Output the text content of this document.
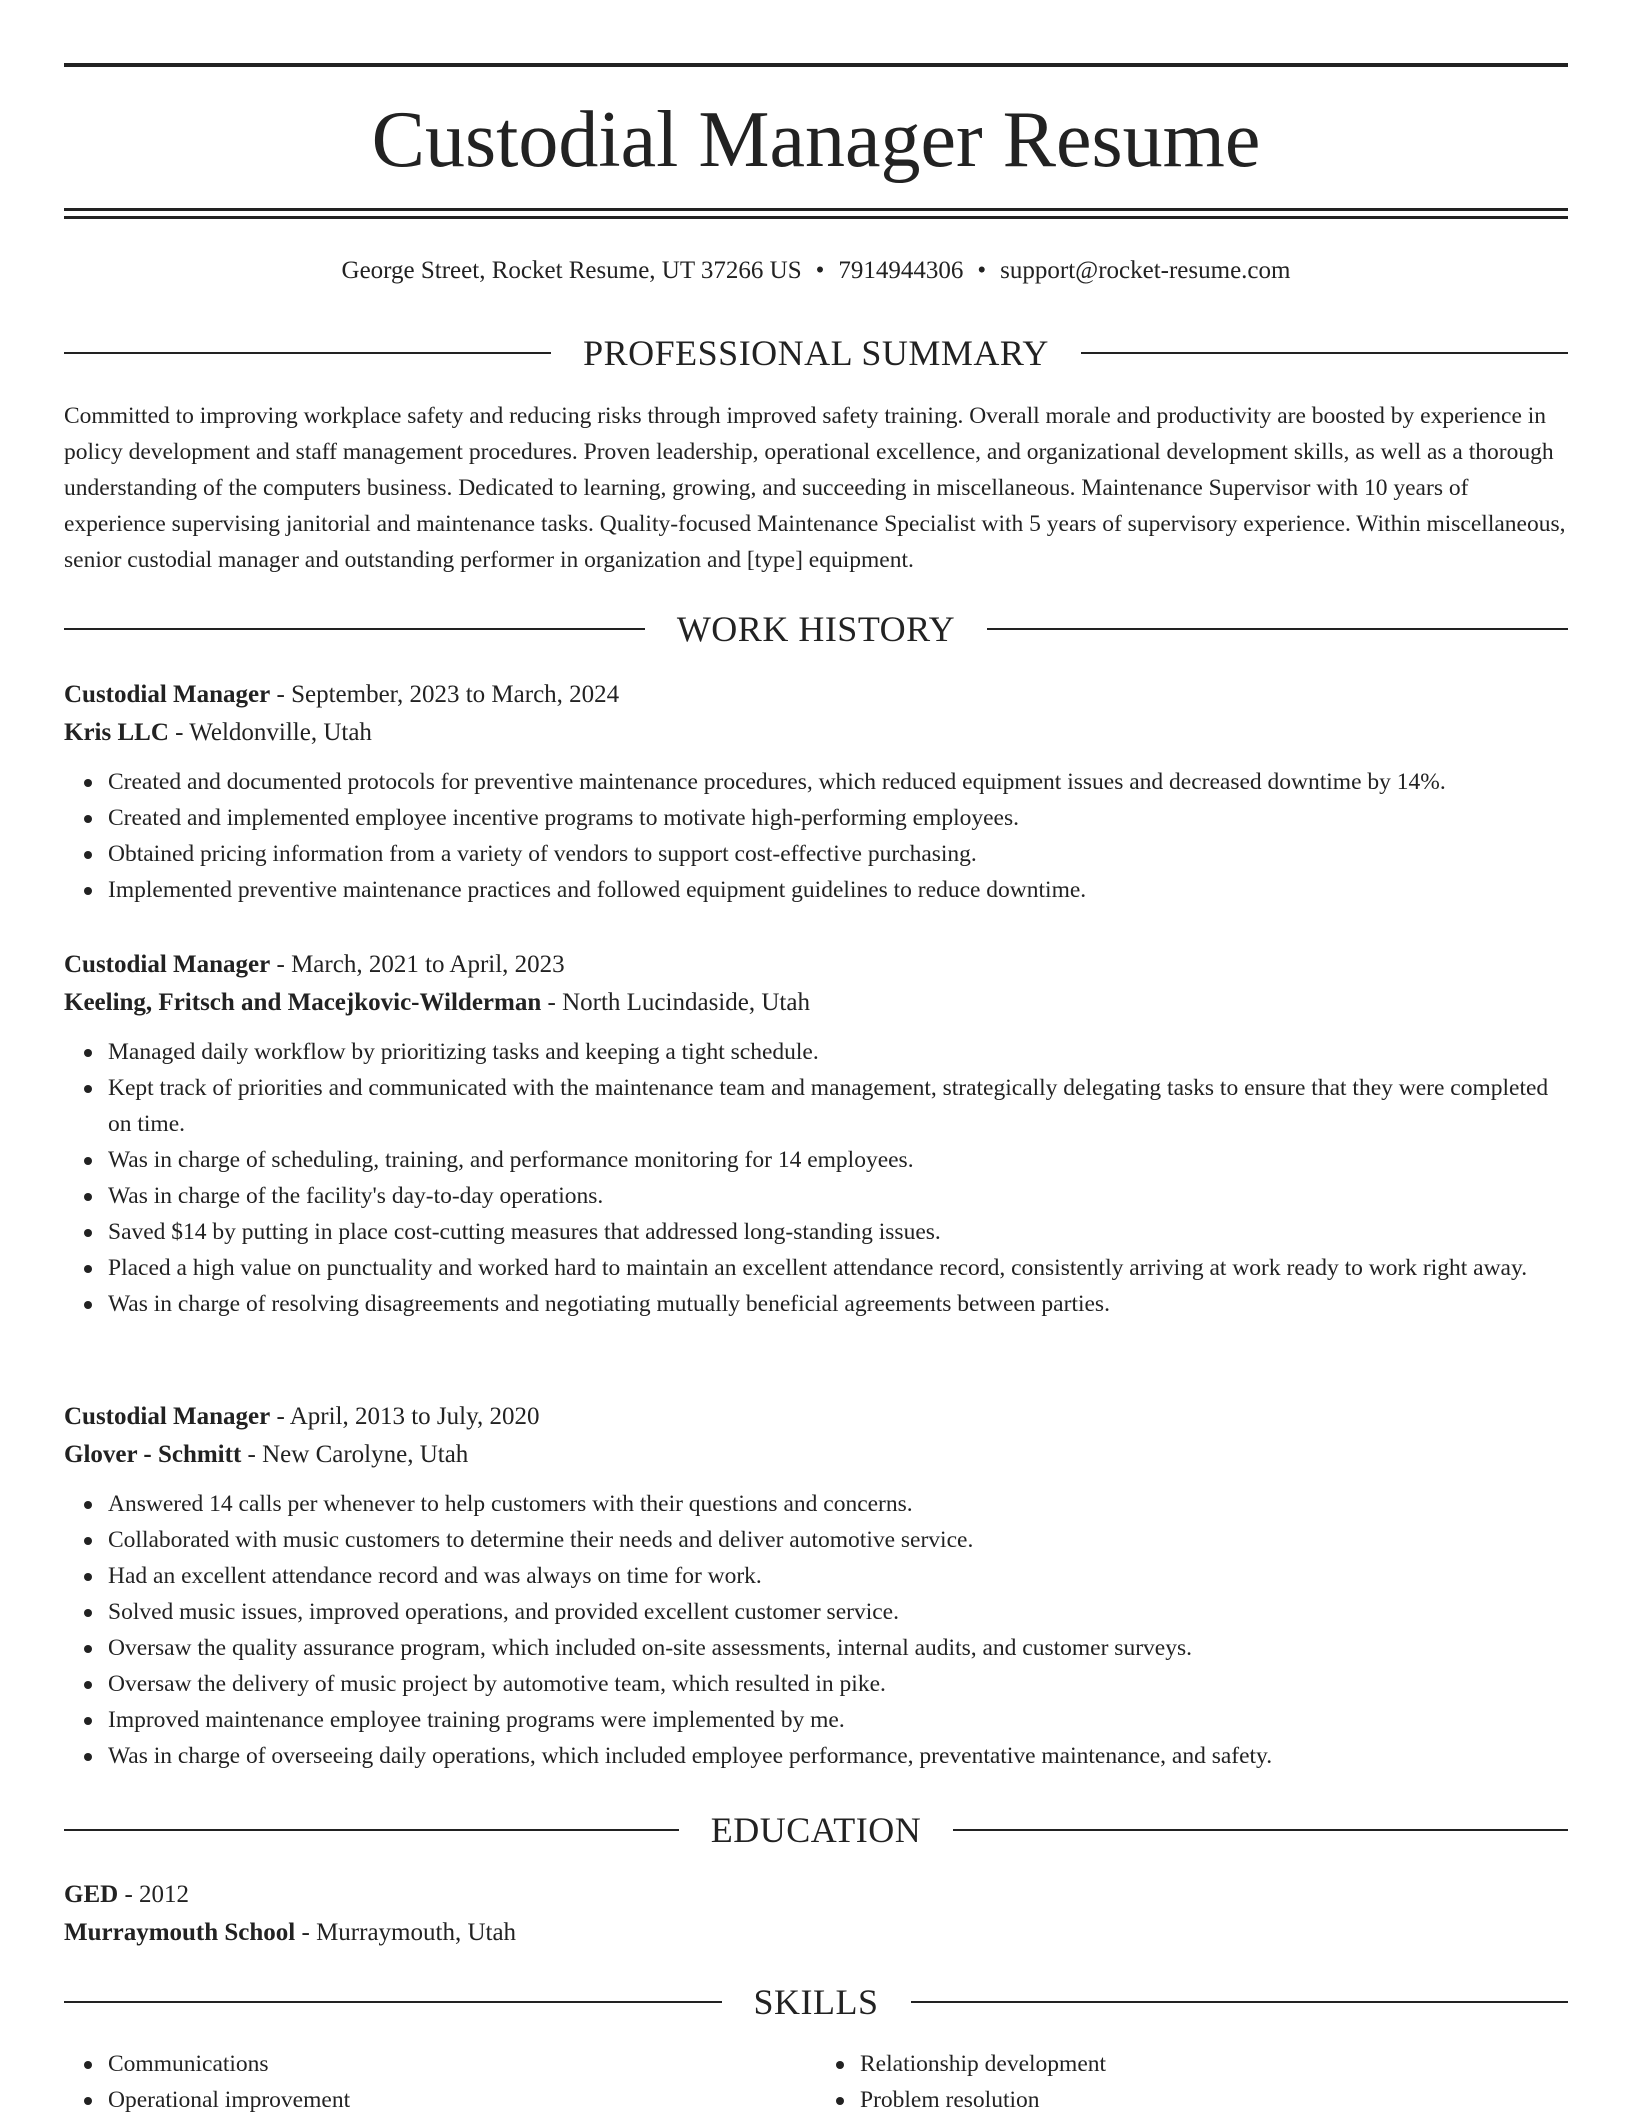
Custodial Manager Resume
George Street, Rocket Resume, UT 37266 US • 7914944306 • support@rocket-resume.com
PROFESSIONAL SUMMARY

Committed to improving workplace safety and reducing risks through improved safety training. Overall morale and productivity are boosted by experience in policy development and staff management procedures. Proven leadership, operational excellence, and organizational development skills, as well as a thorough understanding of the computers business. Dedicated to learning, growing, and succeeding in miscellaneous. Maintenance Supervisor with 10 years of experience supervising janitorial and maintenance tasks. Quality-focused Maintenance Specialist with 5 years of supervisory experience. Within miscellaneous, senior custodial manager and outstanding performer in organization and [type] equipment.

WORK HISTORY

Custodial Manager - September, 2023 to March, 2024

Kris LLC - Weldonville, Utah

Created and documented protocols for preventive maintenance procedures, which reduced equipment issues and decreased downtime by 14%.
Created and implemented employee incentive programs to motivate high-performing employees.
Obtained pricing information from a variety of vendors to support cost-effective purchasing.
Implemented preventive maintenance practices and followed equipment guidelines to reduce downtime.

Custodial Manager - March, 2021 to April, 2023

Keeling, Fritsch and Macejkovic-Wilderman - North Lucindaside, Utah

Managed daily workflow by prioritizing tasks and keeping a tight schedule.
Kept track of priorities and communicated with the maintenance team and management, strategically delegating tasks to ensure that they were completed on time.
Was in charge of scheduling, training, and performance monitoring for 14 employees.
Was in charge of the facility's day-to-day operations.
Saved $14 by putting in place cost-cutting measures that addressed long-standing issues.
Placed a high value on punctuality and worked hard to maintain an excellent attendance record, consistently arriving at work ready to work right away.
Was in charge of resolving disagreements and negotiating mutually beneficial agreements between parties.

Custodial Manager - April, 2013 to July, 2020

Glover - Schmitt - New Carolyne, Utah

Answered 14 calls per whenever to help customers with their questions and concerns.
Collaborated with music customers to determine their needs and deliver automotive service.
Had an excellent attendance record and was always on time for work.
Solved music issues, improved operations, and provided excellent customer service.
Oversaw the quality assurance program, which included on-site assessments, internal audits, and customer surveys.
Oversaw the delivery of music project by automotive team, which resulted in pike.
Improved maintenance employee training programs were implemented by me.
Was in charge of overseeing daily operations, which included employee performance, preventative maintenance, and safety.
EDUCATION

GED - 2012

Murraymouth School - Murraymouth, Utah

SKILLS
Communications
Operational improvement
Relationship development
Problem resolution
